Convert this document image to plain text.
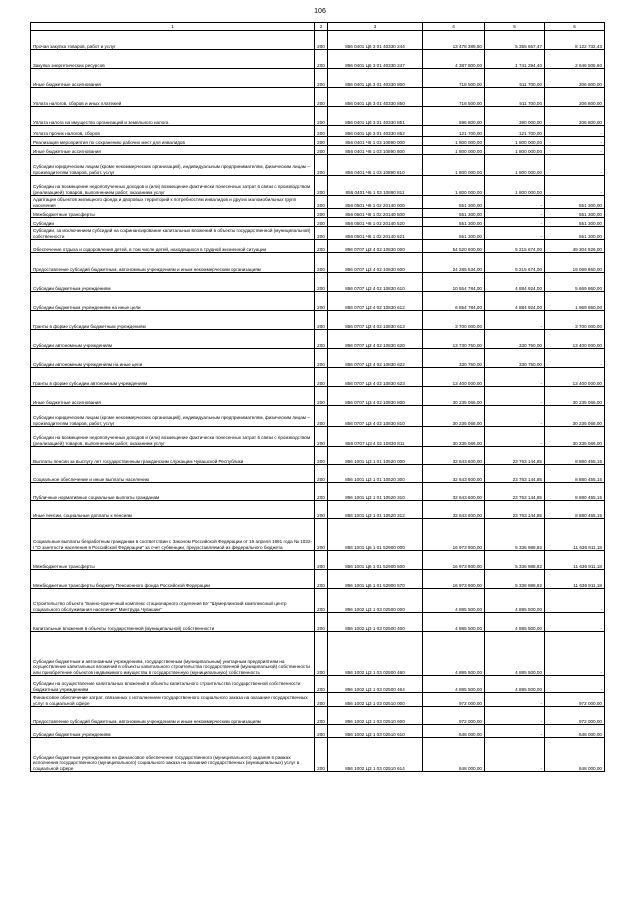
106
1	2	3	4	5	6
Прочая закупка товаров, работ и услуг	200	856 0401 Ц6 3 01 40330 244	13 478 389,50	5 355 657,47	8 122 732,43
Закупка энергетических ресурсов	200	856 0401 Ц6 3 01 40330 247	4 387 800,00	1 741 294,40	2 646 505,60
Иные бюджетные ассигнования	200	856 0401 Ц6 3 01 40330 800	718 500,00	511 700,00	206 800,00
Уплата налогов, сборов и иных платежей	200	856 0401 Ц6 3 01 40330 850	718 500,00	511 700,00	206 800,00
Уплата налога на имущество организаций и земельного налога	200	856 0401 Ц6 3 01 40330 851	596 800,00	390 000,00	206 800,00
Уплата прочих налогов, сборов	200	856 0401 Ц6 3 01 40330 852	121 700,00	121 700,00	-
Реализация мероприятия по сохранению рабочих мест для инвалидов	200	856 0401 Ч6 1 03 10890 000	1 800 000,00	1 800 000,00	-
Иные бюджетные ассигнования	200	856 0401 Ч6 1 03 10890 800	1 800 000,00	1 800 000,00	-
Субсидии юридическим лицам (кроме некоммерческих организаций), индивидуальным предпринимателям, физическим лицам – производителям товаров, работ, услуг	200	856 0401 Ч6 1 03 10890 810	1 800 000,00	1 800 000,00	-
Субсидии на возмещение недополученных доходов и (или) возмещение фактически понесенных затрат в связи с производством (реализацией) товаров, выполнением работ, оказанием услуг	200	856 0401 Ч6 1 03 10890 811	1 800 000,00	1 800 000,00	-
Адаптация объектов жилищного фонда и дворовых территорий к потребностям инвалидов и других маломобильных групп населения	200	856 0501 Ч6 1 02 20140 000	551 300,00	-	551 300,00
Межбюджетные трансферты	200	856 0501 Ч6 1 02 20140 500	551 300,00	-	551 300,00
Субсидии	200	856 0501 Ч6 1 02 20140 520	551 300,00	-	551 300,00
Субсидии, за исключением субсидий на софинансирование капитальных вложений в объекты государственной (муниципальной) собственности	200	856 0501 Ч6 1 02 20140 521	551 300,00	-	551 300,00
Обеспечение отдыха и оздоровления детей, в том числе детей, находящихся в трудной жизненной ситуации	200	856 0707 Ц3 4 02 10830 000	54 520 600,00	5 215 674,00	49 304 926,00
Предоставление субсидий бюджетным, автономным учреждениям и иным некоммерческим организациям	200	856 0707 Ц3 4 02 10830 600	24 285 534,00	5 215 674,00	19 069 860,00
Субсидии бюджетным учреждениям	200	856 0707 Ц3 4 02 10830 610	10 554 784,00	4 884 924,00	5 669 860,00
Субсидии бюджетным учреждениям на иные цели	200	856 0707 Ц3 4 02 10830 612	6 854 784,00	4 884 924,00	1 969 860,00
Гранты в форме субсидии бюджетным учреждениям	200	856 0707 Ц3 4 02 10830 613	3 700 000,00	-	3 700 000,00
Субсидии автономным учреждениям	200	856 0707 Ц3 4 02 10830 620	13 730 750,00	330 750,00	13 400 000,00
Субсидии автономным учреждениям на иные цели	200	856 0707 Ц3 4 02 10830 622	330 750,00	330 750,00	-
Гранты в форме субсидии автономным учреждениям	200	856 0707 Ц3 4 02 10830 623	13 400 000,00	-	13 400 000,00
Иные бюджетные ассигнования	200	856 0707 Ц3 4 02 10830 800	30 235 066,00	-	30 235 066,00
Субсидии юридическим лицам (кроме некоммерческих организаций), индивидуальным предпринимателям, физическим лицам – производителям товаров, работ, услуг	200	856 0707 Ц3 4 02 10830 810	30 235 066,00	-	30 235 066,00
Субсидии на возмещение недополученных доходов и (или) возмещение фактически понесенных затрат в связи с производством (реализацией) товаров, выполнением работ, оказанием услуг	200	856 0707 Ц3 4 02 10830 811	30 235 066,00	-	30 235 066,00
Выплаты пенсии за выслугу лет государственным гражданским служащим Чувашской Республики	200	856 1001 Ц3 1 01 10520 000	32 643 600,00	23 763 144,85	8 880 455,15
Социальное обеспечение и иные выплаты населению	200	856 1001 Ц3 1 01 10520 300	32 643 600,00	23 763 144,85	8 880 455,15
Публичные нормативные социальные выплаты гражданам	200	856 1001 Ц3 1 01 10520 310	32 643 600,00	23 763 144,85	8 880 455,15
Иные пенсии, социальные доплаты к пенсиям	200	856 1001 Ц3 1 01 10520 312	32 643 600,00	23 763 144,85	8 880 455,15
Социальные выплаты безработным гражданам в соответствии с Законом Российской Федерации от 19 апреля 1991 года № 1032-I "О занятости населения в Российской Федерации" за счет субвенции, предоставляемой из федерального бюджета	200	856 1001 Ц6 1 01 52900 000	16 973 900,00	5 336 988,82	11 636 911,18
Межбюджетные трансферты	200	856 1001 Ц6 1 01 52900 500	16 973 900,00	5 336 988,82	11 636 911,18
Межбюджетные трансферты бюджету Пенсионного фонда Российской Федерации	200	856 1001 Ц6 1 01 52900 570	16 973 900,00	5 336 988,82	11 636 911,18
Строительство объекта "Банно-прачечный комплекс стационарного отделения БУ "Шумерлинский комплексный центр социального обслуживания населения" Минтруда Чувашии"	200	856 1002 Ц3 1 03 02500 000	4 885 500,00	4 885 500,00	-
Капитальные вложения в объекты государственной (муниципальной) собственности	200	856 1002 Ц3 1 03 02500 400	4 885 500,00	4 885 500,00	-
Субсидии бюджетным и автономным учреждениям, государственным (муниципальным) унитарным предприятиям на осуществление капитальных вложений в объекты капитального строительства государственной (муниципальной) собственности или приобретение объектов недвижимого имущества в государственную (муниципальную) собственность	200	856 1002 Ц3 1 03 02500 460	4 885 500,00	4 885 500,00	-
Субсидии на осуществление капитальных вложений в объекты капитального строительства государственной собственности бюджетным учреждениям	200	856 1002 Ц3 1 03 02500 464	4 885 500,00	4 885 500,00	-
Финансовое обеспечение затрат, связанных с исполнением государственного социального заказа на оказание государственных услуг в социальной сфере	200	856 1002 Ц3 1 03 02510 000	972 000,00	-	972 000,00
Предоставление субсидий бюджетным, автономным учреждениям и иным некоммерческим организациям	200	856 1002 Ц3 1 03 02510 600	972 000,00	-	972 000,00
Субсидии бюджетным учреждениям	200	856 1002 Ц3 1 03 02510 610	648 000,00	-	648 000,00
Субсидии бюджетным учреждениям на финансовое обеспечение государственного (муниципального) задания в рамках исполнения государственного (муниципального) социального заказа на оказание государственных (муниципальных) услуг в социальной сфере	200	856 1002 Ц3 1 03 02510 614	648 000,00	-	648 000,00
